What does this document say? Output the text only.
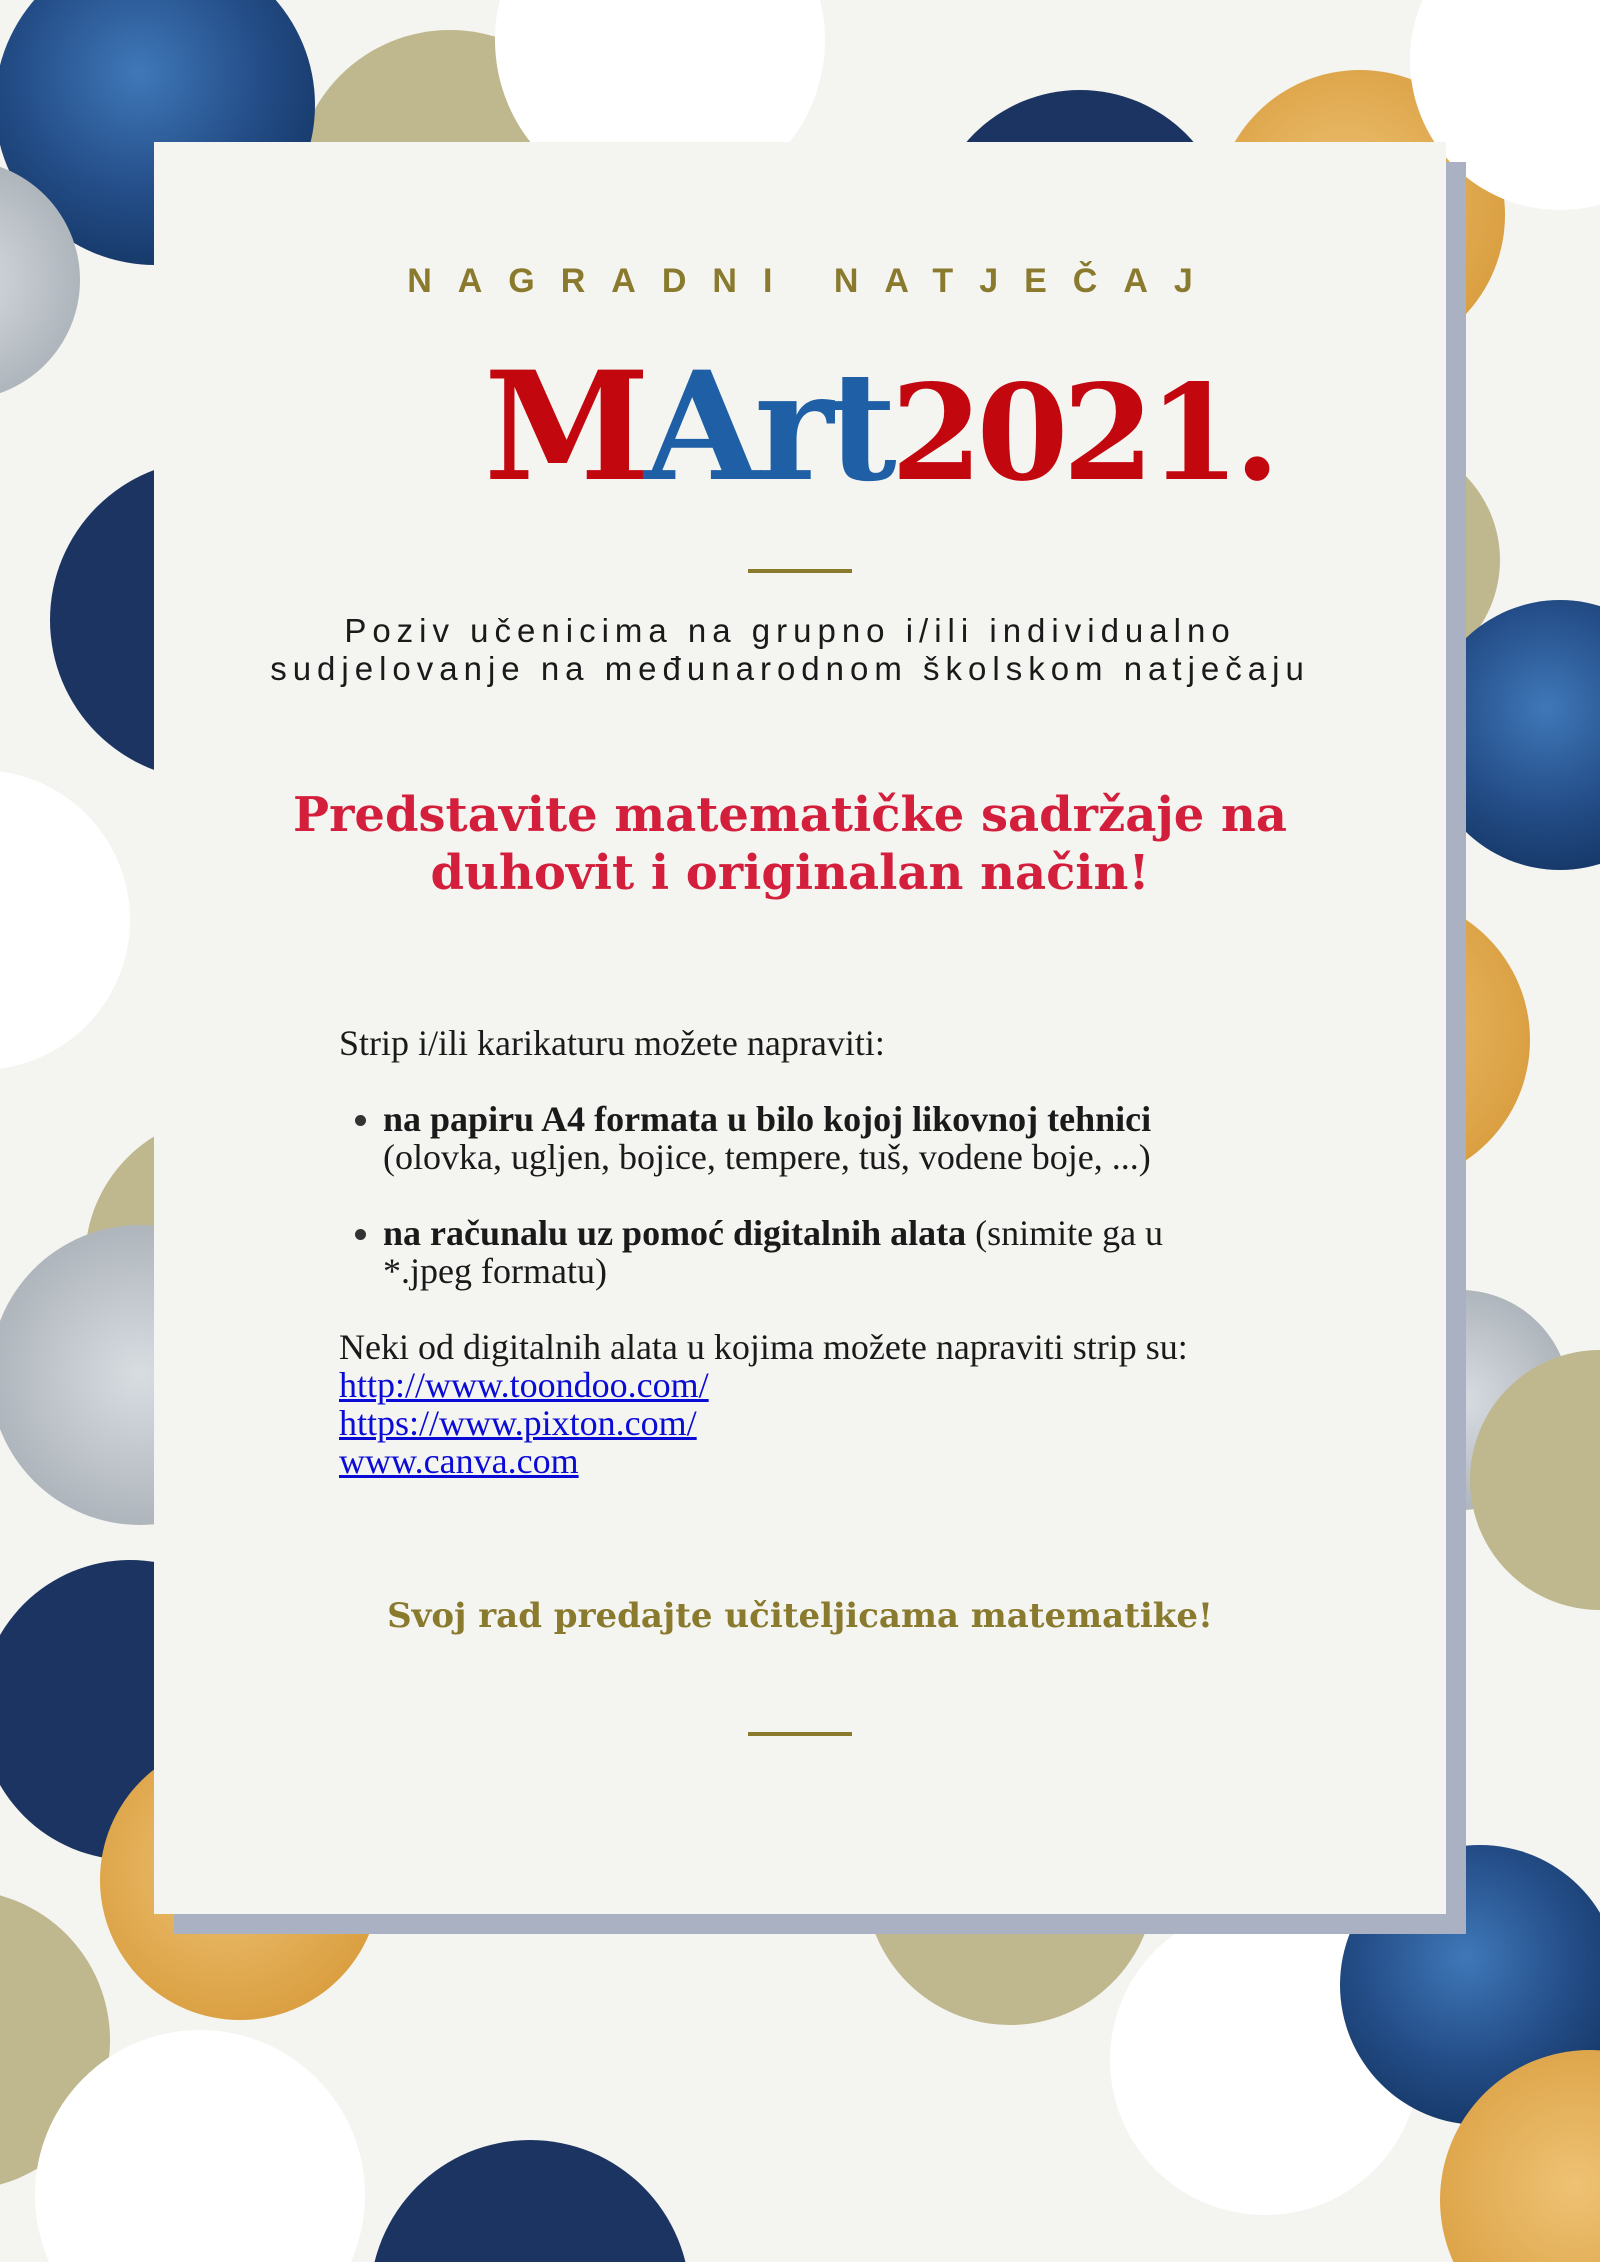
NAGRADNI NATJEČAJ
MArt2021.
Poziv učenicima na grupno i/ili individualno sudjelovanje na međunarodnom školskom natječaju
Predstavite matematičke sadržaje na duhovit i originalan način!

Strip i/ili karikaturu možete napraviti:

• na papiru A4 formata u bilo kojoj likovnoj tehnici (olovka, ugljen, bojice, tempere, tuš, vodene boje, ...)
• na računalu uz pomoć digitalnih alata (snimite ga u *.jpeg formatu)

Neki od digitalnih alata u kojima možete napraviti strip su:

http://www.toondoo.com/
https://www.pixton.com/
www.canva.com
Svoj rad predajte učiteljicama matematike!
